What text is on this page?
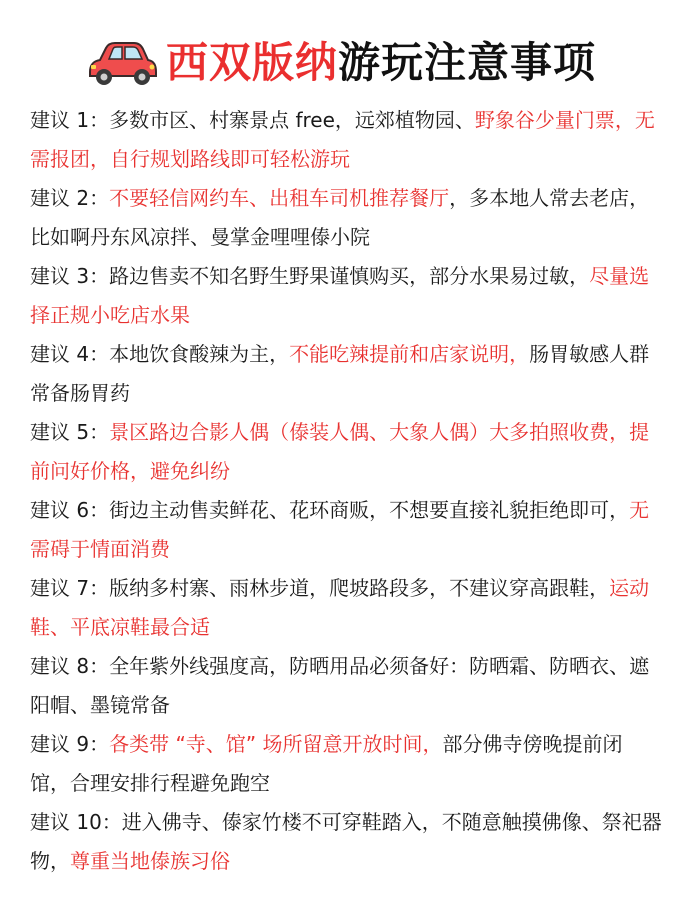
西双版纳游玩注意事项

建议 1：多数市区、村寨景点 free，远郊植物园、野象谷少量门票，无需报团，自行规划路线即可轻松游玩

建议 2：不要轻信网约车、出租车司机推荐餐厅，多本地人常去老店，比如啊丹东风凉拌、曼掌金哩哩傣小院

建议 3：路边售卖不知名野生野果谨慎购买，部分水果易过敏，尽量选择正规小吃店水果

建议 4：本地饮食酸辣为主，不能吃辣提前和店家说明，肠胃敏感人群常备肠胃药

建议 5：景区路边合影人偶（傣装人偶、大象人偶）大多拍照收费，提前问好价格，避免纠纷

建议 6：街边主动售卖鲜花、花环商贩，不想要直接礼貌拒绝即可，无需碍于情面消费

建议 7：版纳多村寨、雨林步道，爬坡路段多，不建议穿高跟鞋，运动鞋、平底凉鞋最合适

建议 8：全年紫外线强度高，防晒用品必须备好：防晒霜、防晒衣、遮阳帽、墨镜常备

建议 9：各类带 “寺、馆” 场所留意开放时间，部分佛寺傍晚提前闭馆，合理安排行程避免跑空

建议 10：进入佛寺、傣家竹楼不可穿鞋踏入，不随意触摸佛像、祭祀器物，尊重当地傣族习俗
